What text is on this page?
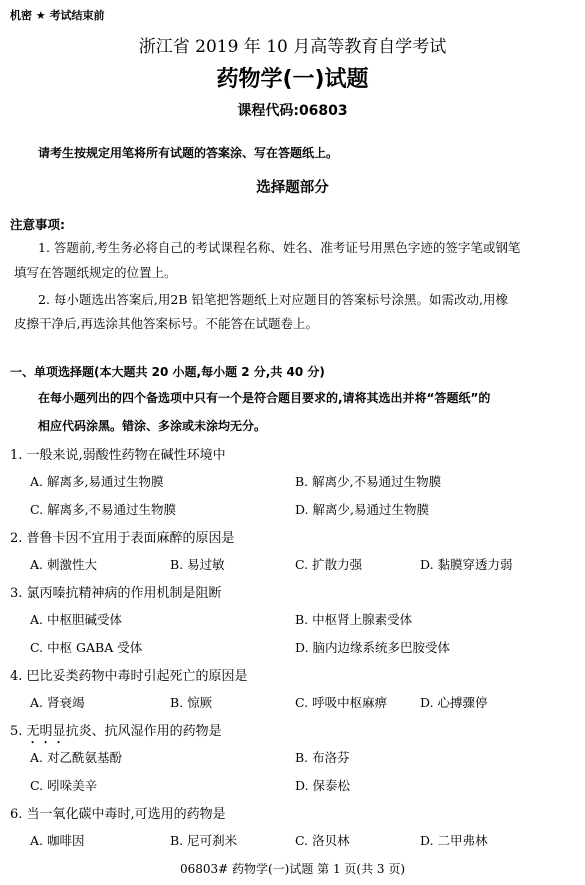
机密 ★ 考试结束前
浙江省 2019 年 10 月高等教育自学考试
药物学(一)试题
课程代码:06803
请考生按规定用笔将所有试题的答案涂、写在答题纸上。
选择题部分
注意事项:
1. 答题前,考生务必将自己的考试课程名称、姓名、准考证号用黑色字迹的签字笔或钢笔
填写在答题纸规定的位置上。
2. 每小题选出答案后,用2B 铅笔把答题纸上对应题目的答案标号涂黑。如需改动,用橡
皮擦干净后,再选涂其他答案标号。不能答在试题卷上。
一、单项选择题(本大题共 20 小题,每小题 2 分,共 40 分)
在每小题列出的四个备选项中只有一个是符合题目要求的,请将其选出并将“答题纸”的
相应代码涂黑。错涂、多涂或未涂均无分。
1. 一般来说,弱酸性药物在碱性环境中
A. 解离多,易通过生物膜	B. 解离少,不易通过生物膜
C. 解离多,不易通过生物膜	D. 解离少,易通过生物膜
2. 普鲁卡因不宜用于表面麻醉的原因是
A. 刺激性大	B. 易过敏	C. 扩散力强	D. 黏膜穿透力弱
3. 氯丙嗪抗精神病的作用机制是阻断
A. 中枢胆碱受体	B. 中枢肾上腺素受体
C. 中枢 GABA 受体	D. 脑内边缘系统多巴胺受体
4. 巴比妥类药物中毒时引起死亡的原因是
A. 肾衰竭	B. 惊厥	C. 呼吸中枢麻痹	D. 心搏骤停
5. 无明显抗炎、抗风湿作用的药物是
A. 对乙酰氨基酚	B. 布洛芬
C. 吲哚美辛	D. 保泰松
6. 当一氧化碳中毒时,可选用的药物是
A. 咖啡因	B. 尼可刹米	C. 洛贝林	D. 二甲弗林
06803# 药物学(一)试题 第 1 页(共 3 页)
